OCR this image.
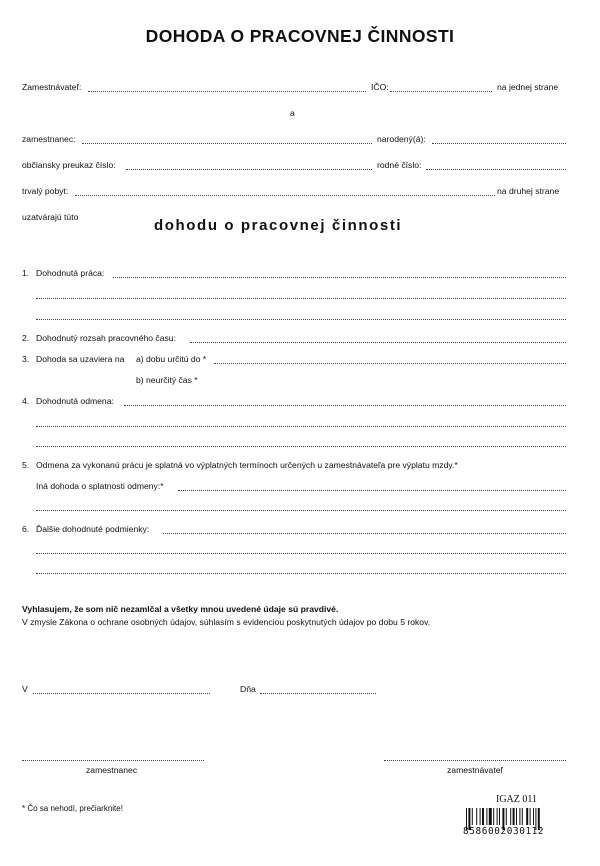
DOHODA O PRACOVNEJ ČINNOSTI
Zamestnávateľ:	IČO:	na jednej strane
a
zamestnanec:	narodený(á):
občiansky preukaz číslo:	rodné číslo:
trvalý pobyt:	na druhej strane
uzatvárajú túto	dohodu o pracovnej činnosti
1. Dohodnutá práca:
2. Dohodnutý rozsah pracovného času:
3. Dohoda sa uzaviera na a) dobu určitú do *
b) neurčitý čas *
4. Dohodnutá odmena:
5. Odmena za vykonanú prácu je splatná vo výplatných termínoch určených u zamestnávateľa pre výplatu mzdy.*
Iná dohoda o splatnosti odmeny:*
6. Ďalšie dohodnuté podmienky:
Vyhlasujem, že som nič nezamlčal a všetky mnou uvedené údaje sú pravdivé.
V zmysle Zákona o ochrane osobných údajov, súhlasím s evidenciou poskytnutých údajov po dobu 5 rokov.
V	Dňa
zamestnanec	zamestnávateľ
* Čo sa nehodí, prečiarknite!
IGAZ 011
8586002030112
